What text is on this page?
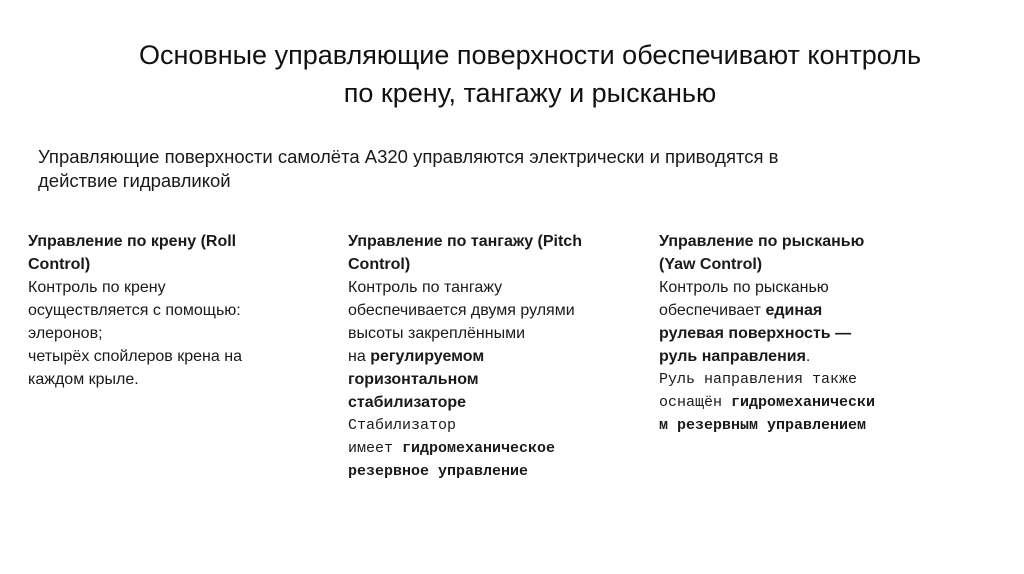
Основные управляющие поверхности обеспечивают контроль
по крену, тангажу и рысканью
Управляющие поверхности самолёта А320 управляются электрически и приводятся в
действие гидравликой
Управление по крену (Roll
Control)
Контроль по крену
осуществляется с помощью:
элеронов;
четырёх спойлеров крена на
каждом крыле.
Управление по тангажу (Pitch
Control)
Контроль по тангажу
обеспечивается двумя рулями
высоты закреплёнными
на регулируемом
горизонтальном
стабилизаторе
Стабилизатор
имеет гидромеханическое
резервное управление
Управление по рысканью
(Yaw Control)
Контроль по рысканью
обеспечивает единая
рулевая поверхность —
руль направления.
Руль направления также
оснащён гидромеханически
м резервным управлением
